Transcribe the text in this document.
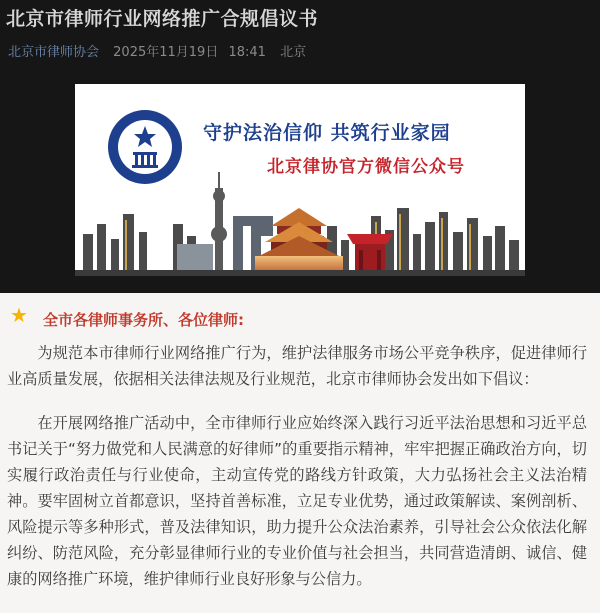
北京市律师行业网络推广合规倡议书
北京市律师协会 2025年11月19日 18:41 北京
守护法治信仰 共筑行业家园
北京律协官方微信公众号
★ 全市各律师事务所、各位律师:

为规范本市律师行业网络推广行为，维护法律服务市场公平竞争秩序，促进律师行业高质量发展，依据相关法律法规及行业规范，北京市律师协会发出如下倡议：

在开展网络推广活动中，全市律师行业应始终深入践行习近平法治思想和习近平总书记关于“努力做党和人民满意的好律师”的重要指示精神，牢牢把握正确政治方向，切实履行政治责任与行业使命，主动宣传党的路线方针政策，大力弘扬社会主义法治精神。要牢固树立首都意识，坚持首善标准，立足专业优势，通过政策解读、案例剖析、风险提示等多种形式，普及法律知识，助力提升公众法治素养，引导社会公众依法化解纠纷、防范风险，充分彰显律师行业的专业价值与社会担当，共同营造清朗、诚信、健康的网络推广环境，维护律师行业良好形象与公信力。
